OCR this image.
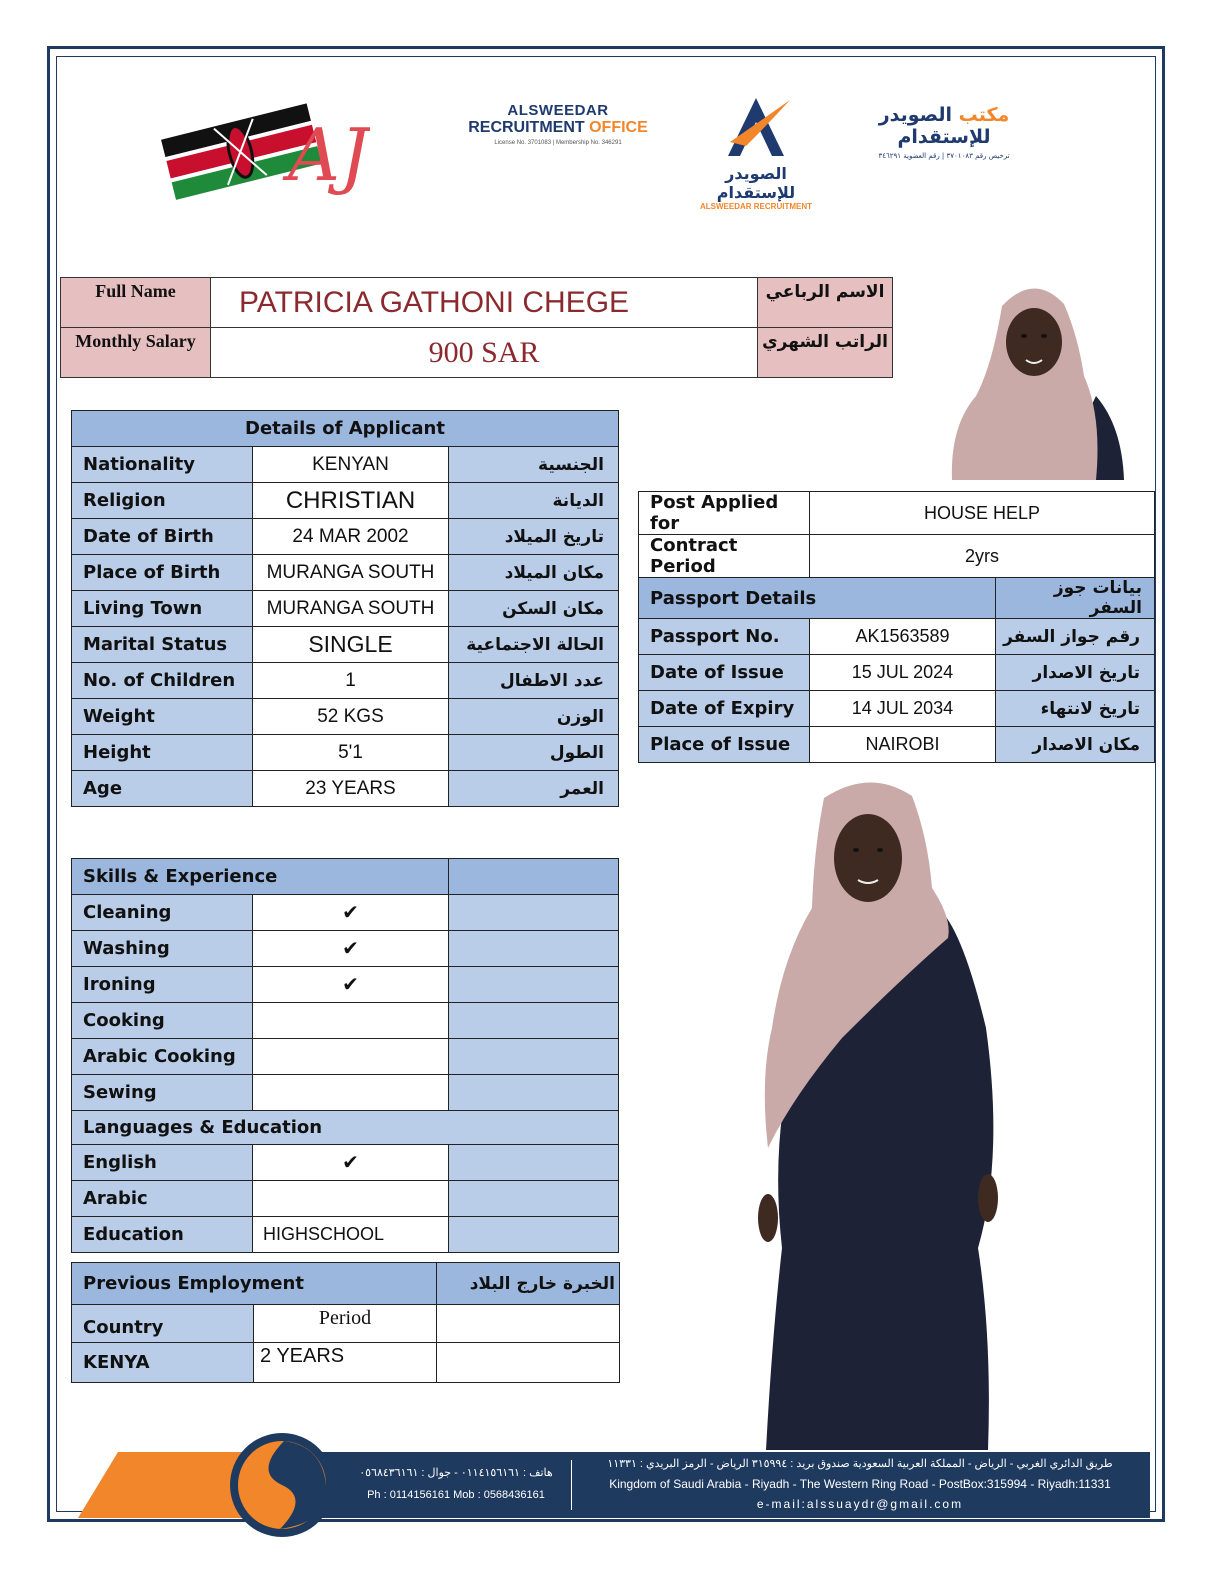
AJ
ALSWEEDAR
RECRUITMENT OFFICE
License No. 3701083 | Membership No. 346291
الصويدر للإستقدام
ALSWEEDAR RECRUITMENT
مكتب الصويدر للإستقدام
ترخيص رقم ٣٧٠١٠٨٣ | رقم العضوية ٣٤٦٢٩١
Full Name	PATRICIA GATHONI CHEGE	الاسم الرباعي
Monthly Salary	900 SAR	الراتب الشهري
Details of Applicant		
Nationality	KENYAN	الجنسية
Religion	CHRISTIAN	الديانة
Date of Birth	24 MAR 2002	تاريخ الميلاد
Place of Birth	MURANGA SOUTH	مكان الميلاد
Living Town	MURANGA SOUTH	مكان السكن
Marital Status	SINGLE	الحالة الاجتماعية
No. of Children	1	عدد الاطفال
Weight	52 KGS	الوزن
Height	5'1	الطول
Age	23 YEARS	العمر
Post Applied for	HOUSE HELP	
Contract Period	2yrs	
Passport Details		بيانات جوز السفر
Passport No.	AK1563589	رقم جواز السفر
Date of Issue	15 JUL 2024	تاريخ الاصدار
Date of Expiry	14 JUL 2034	تاريخ لانتهاء
Place of Issue	NAIROBI	مكان الاصدار
Skills & Experience		
Cleaning	✔	
Washing	✔	
Ironing	✔	
Cooking		
Arabic Cooking		
Sewing		
Languages & Education		
English	✔	
Arabic		
Education	HIGHSCHOOL	
Previous Employment		الخبرة خارج البلاد
Country	Period	
KENYA	2 YEARS	
هاتف : ٠١١٤١٥٦١٦١ - جوال : ٠٥٦٨٤٣٦١٦١
Ph : 0114156161 Mob : 0568436161
طريق الدائري الغربي - الرياض - المملكة العربية السعودية صندوق بريد : ٣١٥٩٩٤ الرياض - الرمز البريدي : ١١٣٣١
Kingdom of Saudi Arabia - Riyadh - The Western Ring Road - PostBox:315994 - Riyadh:11331
e-mail:alssuaydr@gmail.com
